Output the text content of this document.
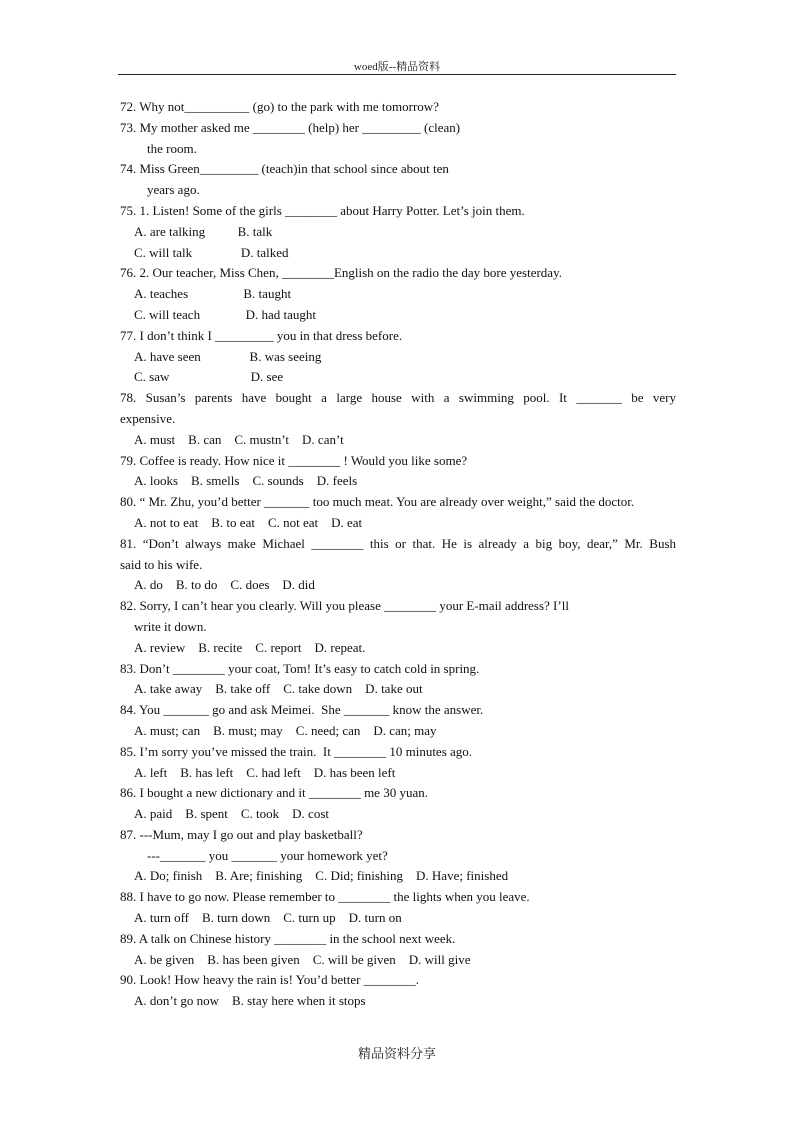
woed版--精品资料
72. Why not__________ (go) to the park with me tomorrow?
73. My mother asked me ________ (help) her _________ (clean)
the room.
74. Miss Green_________ (teach)in that school since about ten
years ago.
75. 1. Listen! Some of the girls ________ about Harry Potter. Let’s join them.
A. are talking          B. talk
C. will talk               D. talked
76. 2. Our teacher, Miss Chen, ________English on the radio the day bore yesterday.
A. teaches                 B. taught
C. will teach              D. had taught
77. I don’t think I _________ you in that dress before.
A. have seen               B. was seeing
C. saw                         D. see
78. Susan’s parents have bought a large house with a swimming pool. It _______ be very
expensive.
A. must    B. can    C. mustn’t    D. can’t
79. Coffee is ready. How nice it ________ ! Would you like some?
A. looks    B. smells    C. sounds    D. feels
80. “ Mr. Zhu, you’d better _______ too much meat. You are already over weight,” said the doctor.
A. not to eat    B. to eat    C. not eat    D. eat
81. “Don’t always make Michael ________ this or that. He is already a big boy, dear,” Mr. Bush
said to his wife.
A. do    B. to do    C. does    D. did
82. Sorry, I can’t hear you clearly. Will you please ________ your E-mail address? I’ll
write it down.
A. review    B. recite    C. report    D. repeat.
83. Don’t ________ your coat, Tom! It’s easy to catch cold in spring.
A. take away    B. take off    C. take down    D. take out
84. You _______ go and ask Meimei.  She _______ know the answer.
A. must; can    B. must; may    C. need; can    D. can; may
85. I’m sorry you’ve missed the train.  It ________ 10 minutes ago.
A. left    B. has left    C. had left    D. has been left
86. I bought a new dictionary and it ________ me 30 yuan.
A. paid    B. spent    C. took    D. cost
87. ---Mum, may I go out and play basketball?
---_______ you _______ your homework yet?
A. Do; finish    B. Are; finishing    C. Did; finishing    D. Have; finished
88. I have to go now. Please remember to ________ the lights when you leave.
A. turn off    B. turn down    C. turn up    D. turn on
89. A talk on Chinese history ________ in the school next week.
A. be given    B. has been given    C. will be given    D. will give
90. Look! How heavy the rain is! You’d better ________.
A. don’t go now    B. stay here when it stops
精品资料分享
